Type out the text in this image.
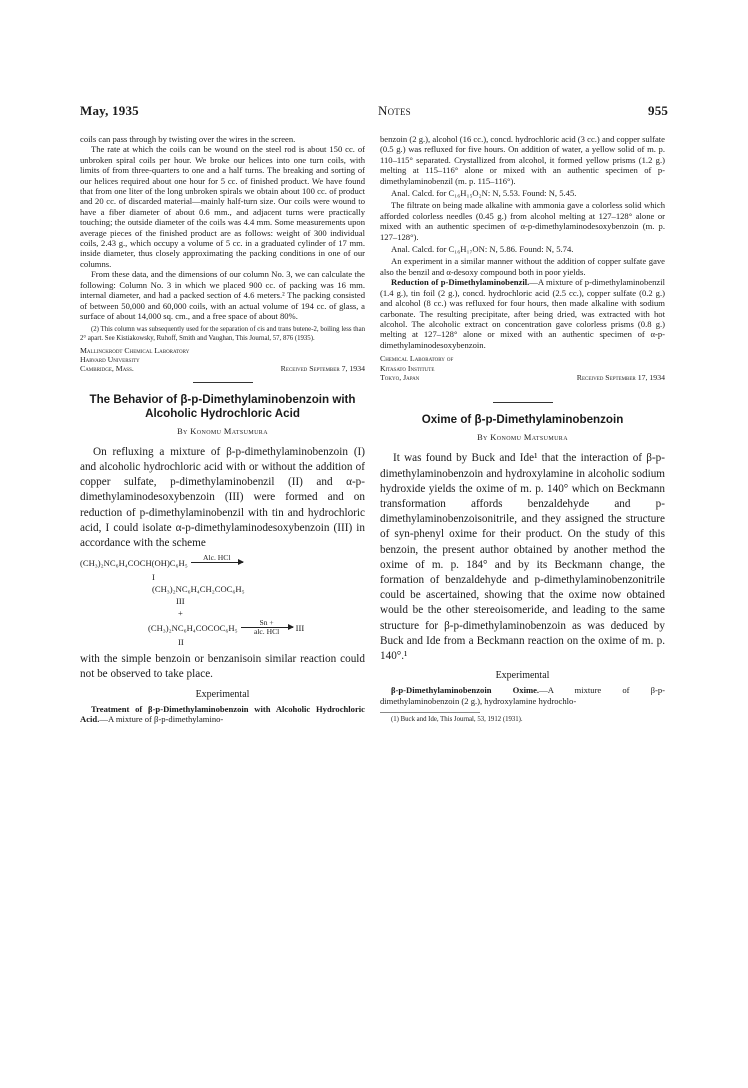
May, 1935	Notes	955

coils can pass through by twisting over the wires in the screen.

The rate at which the coils can be wound on the steel rod is about 150 cc. of unbroken spiral coils per hour. We broke our helices into one turn coils, with limits of from three-quarters to one and a half turns. The breaking and sorting of our helices required about one hour for 5 cc. of finished product. We have found that from one liter of the long unbroken spirals we obtain about 100 cc. of product and 20 cc. of discarded material—mainly half-turn size. Our coils were wound to have a fiber diameter of about 0.6 mm., and adjacent turns were practically touching; the outside diameter of the coils was 4.4 mm. Some measurements upon average pieces of the finished product are as follows: weight of 300 individual coils, 2.43 g., which occupy a volume of 5 cc. in a graduated cylinder of 17 mm. inside diameter, thus closely approximating the packing conditions in one of our columns.

From these data, and the dimensions of our column No. 3, we can calculate the following: Column No. 3 in which we placed 900 cc. of packing was 16 mm. internal diameter, and had a packed section of 4.6 meters.² The packing consisted of between 50,000 and 60,000 coils, with an actual volume of 194 cc. of glass, a surface of about 14,000 sq. cm., and a free space of about 80%.

(2) This column was subsequently used for the separation of cis and trans butene-2, boiling less than 2° apart. See Kistiakowsky, Ruhoff, Smith and Vaughan, This Journal, 57, 876 (1935).

Mallinckrodt Chemical Laboratory
Harvard University
Cambridge, Mass.	Received September 7, 1934
The Behavior of β-p-Dimethylaminobenzoin with Alcoholic Hydrochloric Acid
By Konomu Matsumura

On refluxing a mixture of β-p-dimethylaminobenzoin (I) and alcoholic hydrochloric acid with or without the addition of copper sulfate, p-dimethylaminobenzil (II) and α-p-dimethylaminodesoxybenzoin (III) were formed and on reduction of p-dimethylaminobenzil with tin and hydrochloric acid, I could isolate α-p-dimethylaminodesoxybenzoin (III) in accordance with the scheme

(CH₃)₂NC₆H₄COCH(OH)C₆H₅ Alc. HCl

I
(CH₃)₂NC₆H₄CH₂COC₆H₅
III
+
(CH₃)₂NC₆H₄COCOC₆H₅	Sn +
alc. HCl III
II

with the simple benzoin or benzanisoin similar reaction could not be observed to take place.

Experimental

Treatment of β-p-Dimethylaminobenzoin with Alcoholic Hydrochloric Acid.—A mixture of β-p-dimethylamino-

benzoin (2 g.), alcohol (16 cc.), concd. hydrochloric acid (3 cc.) and copper sulfate (0.5 g.) was refluxed for five hours. On addition of water, a yellow solid of m. p. 110–115° separated. Crystallized from alcohol, it formed yellow prisms (1.2 g.) melting at 115–116° alone or mixed with an authentic specimen of p-dimethylaminobenzil (m. p. 115–116°).

Anal. Calcd. for C₁₆H₁₅O₂N: N, 5.53. Found: N, 5.45.

The filtrate on being made alkaline with ammonia gave a colorless solid which afforded colorless needles (0.45 g.) from alcohol melting at 127–128° alone or mixed with an authentic specimen of α-p-dimethylaminodesoxybenzoin (m. p. 127–128°).

Anal. Calcd. for C₁₆H₁₇ON: N, 5.86. Found: N, 5.74.

An experiment in a similar manner without the addition of copper sulfate gave also the benzil and α-desoxy compound both in poor yields.

Reduction of p-Dimethylaminobenzil.—A mixture of p-dimethylaminobenzil (1.4 g.), tin foil (2 g.), concd. hydrochloric acid (2.5 cc.), copper sulfate (0.2 g.) and alcohol (8 cc.) was refluxed for four hours, then made alkaline with sodium carbonate. The resulting precipitate, after being dried, was extracted with hot alcohol. The alcoholic extract on concentration gave colorless prisms (0.8 g.) melting at 127–128° alone or mixed with an authentic specimen of α-p-dimethylaminodesoxybenzoin.

Chemical Laboratory of
Kitasato Institute
Tokyo, Japan	Received September 17, 1934
Oxime of β-p-Dimethylaminobenzoin
By Konomu Matsumura

It was found by Buck and Ide¹ that the interaction of β-p-dimethylaminobenzoin and hydroxylamine in alcoholic sodium hydroxide yields the oxime of m. p. 140° which on Beckmann transformation affords benzaldehyde and p-dimethylaminobenzoisonitrile, and they assigned the structure of syn-phenyl oxime for their product. On the study of this benzoin, the present author obtained by another method the oxime of m. p. 184° and by its Beckmann change, the formation of benzaldehyde and p-dimethylaminobenzonitrile could be ascertained, showing that the oxime now obtained would be the other stereoisomeride, and leading to the same structure for β-p-dimethylaminobenzoin as was deduced by Buck and Ide from a Beckmann reaction on the oxime of m. p. 140°.¹

Experimental

β-p-Dimethylaminobenzoin Oxime.—A mixture of β-p-dimethylaminobenzoin (2 g.), hydroxylamine hydrochlo-

(1) Buck and Ide, This Journal, 53, 1912 (1931).
